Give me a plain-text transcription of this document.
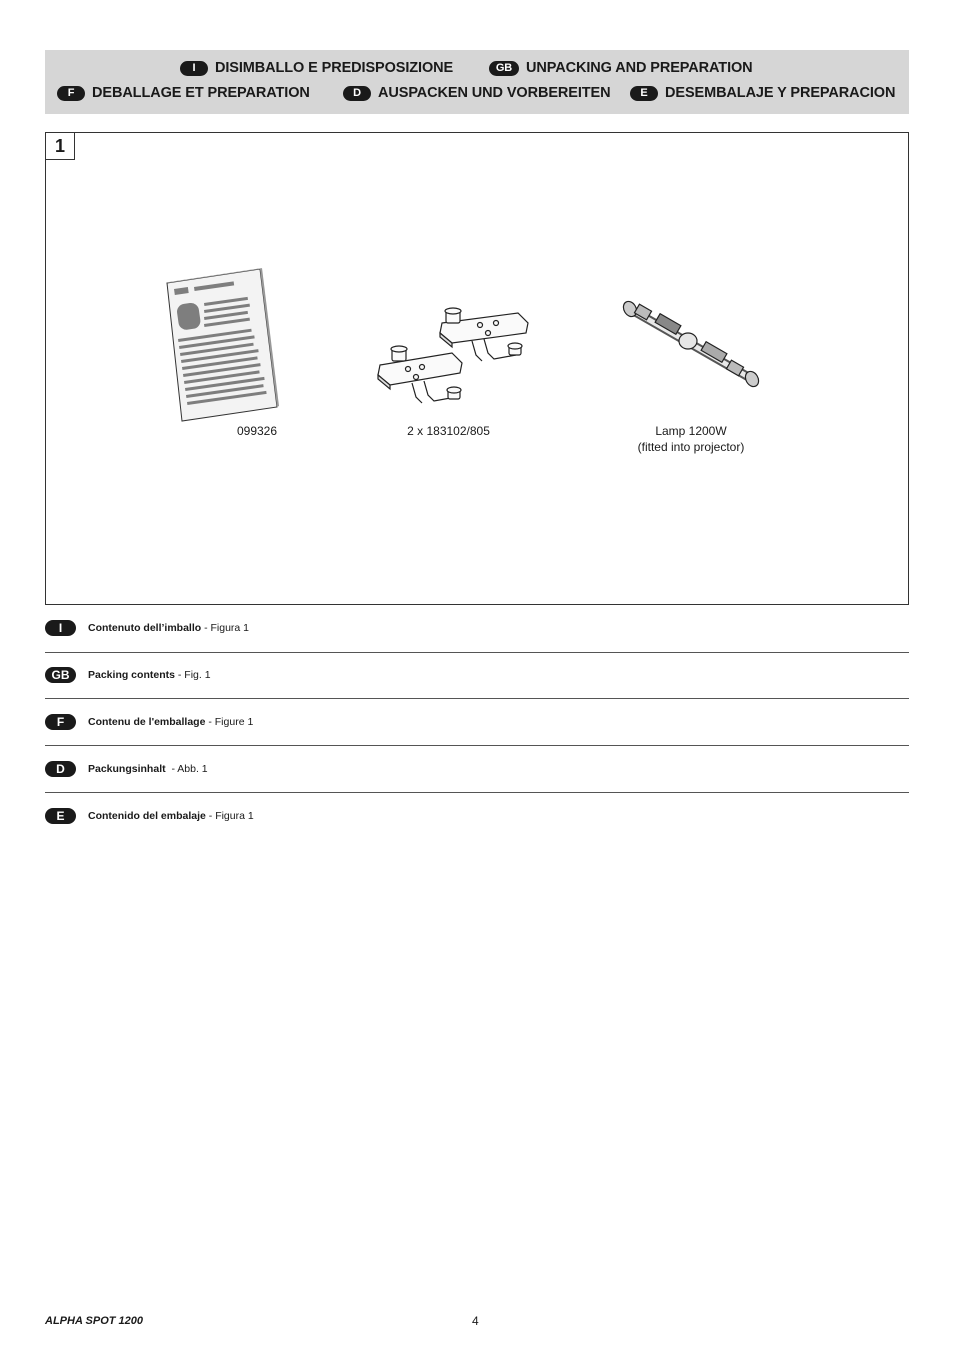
I	DISIMBALLO E PREDISPOSIZIONE	GB UNPACKING AND PREPARATION
F	DEBALLAGE ET PREPARATION	D	AUSPACKEN UND VORBEREITEN	E	DESEMBALAJE Y PREPARACION
1
099326	2 x 183102/805	Lamp 1200W
(fitted into projector)
I	Contenuto dell’imballo - Figura 1
GB	Packing contents - Fig. 1
F	Contenu de l'emballage - Figure 1
D	Packungsinhalt  - Abb. 1
E	Contenido del embalaje - Figura 1
ALPHA SPOT 1200	4
